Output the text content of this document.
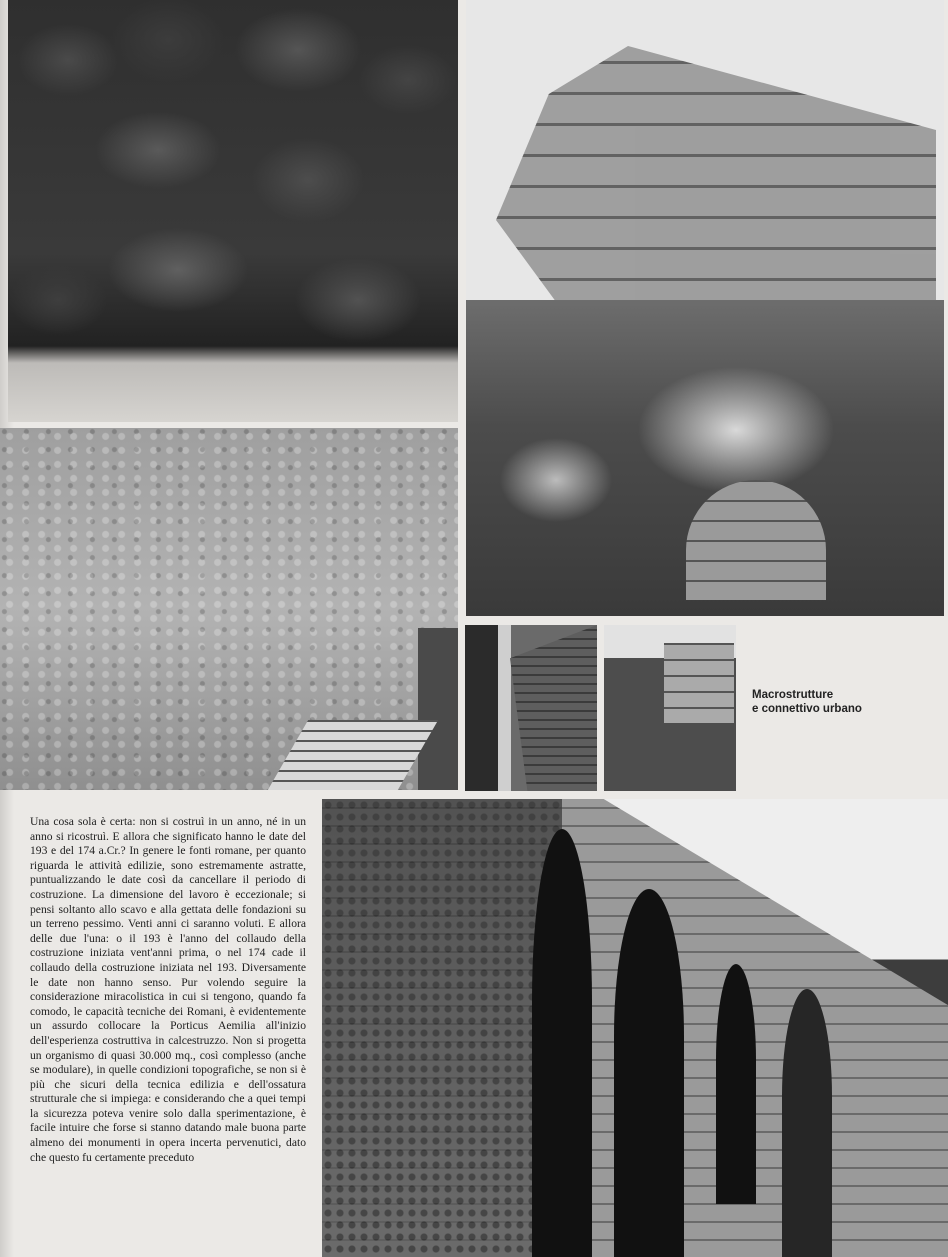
Macrostrutture
e connettivo urbano
Una cosa sola è certa: non si costruì in un anno, né in un anno si ricostruì. E allora che significato hanno le date del 193 e del 174 a.Cr.? In genere le fonti romane, per quanto riguarda le attività edilizie, sono estremamente astratte, puntualizzando le date così da cancellare il periodo di costruzione. La dimensione del lavoro è eccezionale; si pensi soltanto allo scavo e alla gettata delle fondazioni su un terreno pessimo. Venti anni ci saranno voluti. E allora delle due l'una: o il 193 è l'anno del collaudo della costruzione iniziata vent'anni prima, o nel 174 cade il collaudo della costruzione iniziata nel 193. Diversamente le date non hanno senso. Pur volendo seguire la considerazione miracolistica in cui si tengono, quando fa comodo, le capacità tecniche dei Romani, è evidentemente un assurdo collocare la Porticus Aemilia all'inizio dell'esperienza costruttiva in calcestruzzo. Non si progetta un organismo di quasi 30.000 mq., così complesso (anche se modulare), in quelle condizioni topografiche, se non si è più che sicuri della tecnica edilizia e dell'ossatura strutturale che si impiega: e considerando che a quei tempi la sicurezza poteva venire solo dalla sperimentazione, è facile intuire che forse si stanno datando male buona parte almeno dei monumenti in opera incerta pervenutici, dato che questo fu certamente preceduto
